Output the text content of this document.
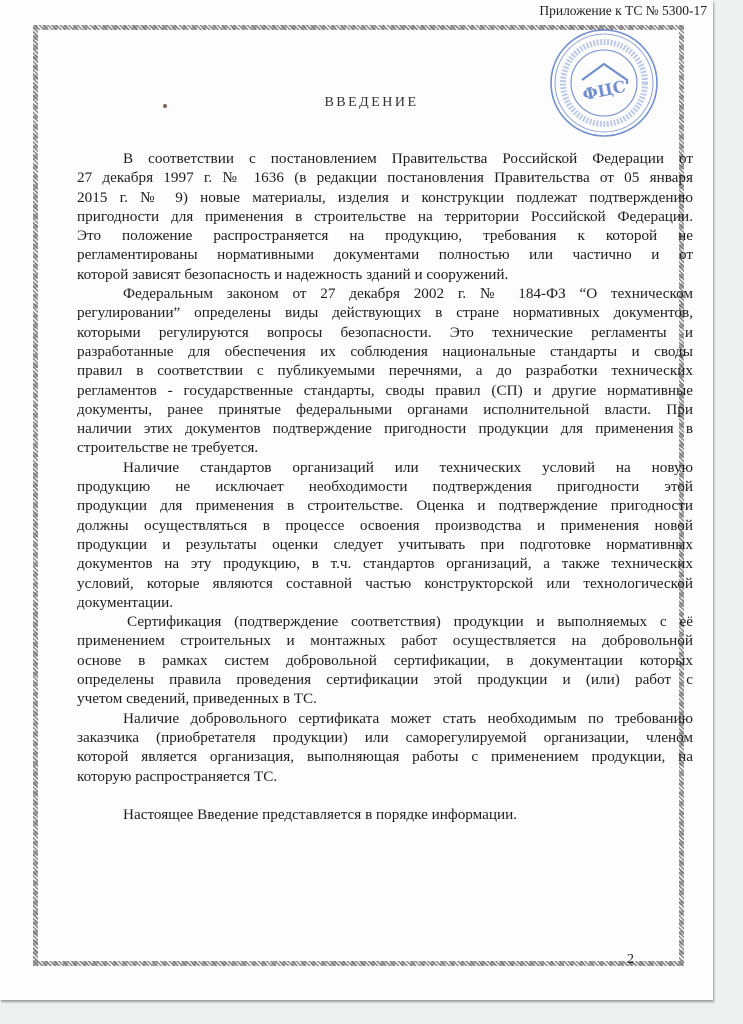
Приложение к ТС № 5300-17
ФЦС
ВВЕДЕНИЕ
В соответствии с постановлением Правительства Российской Федерации от
27 декабря 1997 г. № 1636 (в редакции постановления Правительства от 05 января
2015 г. № 9) новые материалы, изделия и конструкции подлежат подтверждению
пригодности для применения в строительстве на территории Российской Федерации.
Это положение распространяется на продукцию, требования к которой не
регламентированы нормативными документами полностью или частично и от
которой зависят безопасность и надежность зданий и сооружений.
Федеральным законом от 27 декабря 2002 г. № 184-ФЗ “О техническом
регулировании” определены виды действующих в стране нормативных документов,
которыми регулируются вопросы безопасности. Это технические регламенты и
разработанные для обеспечения их соблюдения национальные стандарты и своды
правил в соответствии с публикуемыми перечнями, а до разработки технических
регламентов - государственные стандарты, своды правил (СП) и другие нормативные
документы, ранее принятые федеральными органами исполнительной власти. При
наличии этих документов подтверждение пригодности продукции для применения в
строительстве не требуется.
Наличие стандартов организаций или технических условий на новую
продукцию не исключает необходимости подтверждения пригодности этой
продукции для применения в строительстве. Оценка и подтверждение пригодности
должны осуществляться в процессе освоения производства и применения новой
продукции и результаты оценки следует учитывать при подготовке нормативных
документов на эту продукцию, в т.ч. стандартов организаций, а также технических
условий, которые являются составной частью конструкторской или технологической
документации.
Сертификация (подтверждение соответствия) продукции и выполняемых с её
применением строительных и монтажных работ осуществляется на добровольной
основе в рамках систем добровольной сертификации, в документации которых
определены правила проведения сертификации этой продукции и (или) работ с
учетом сведений, приведенных в ТС.
Наличие добровольного сертификата может стать необходимым по требованию
заказчика (приобретателя продукции) или саморегулируемой организации, членом
которой является организация, выполняющая работы с применением продукции, на
которую распространяется ТС.
Настоящее Введение представляется в порядке информации.
2
